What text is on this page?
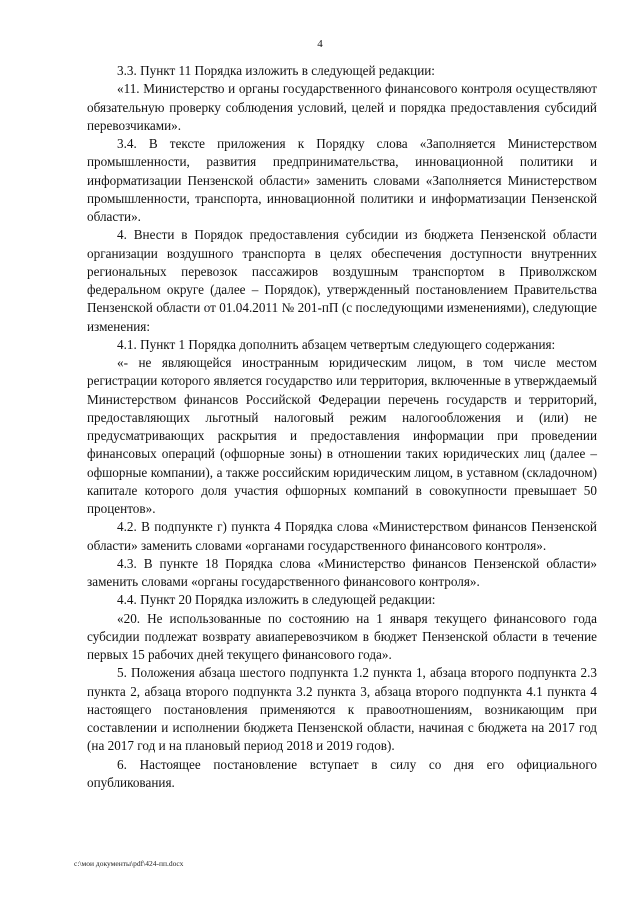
4

3.3. Пункт 11 Порядка изложить в следующей редакции:

«11. Министерство и органы государственного финансового контроля осуществляют обязательную проверку соблюдения условий, целей и порядка предоставления субсидий перевозчиками».

3.4. В тексте приложения к Порядку слова «Заполняется Министерством промышленности, развития предпринимательства, инновационной политики и информатизации Пензенской области» заменить словами «Заполняется Министерством промышленности, транспорта, инновационной политики и информатизации Пензенской области».

4. Внести в Порядок предоставления субсидии из бюджета Пензенской области организации воздушного транспорта в целях обеспечения доступности внутренних региональных перевозок пассажиров воздушным транспортом в Приволжском федеральном округе (далее – Порядок), утвержденный постановлением Правительства Пензенской области от 01.04.2011 № 201-пП (с последующими изменениями), следующие изменения:

4.1. Пункт 1 Порядка дополнить абзацем четвертым следующего содержания:

«- не являющейся иностранным юридическим лицом, в том числе местом регистрации которого является государство или территория, включенные в утверждаемый Министерством финансов Российской Федерации перечень государств и территорий, предоставляющих льготный налоговый режим налогообложения и (или) не предусматривающих раскрытия и предоставления информации при проведении финансовых операций (офшорные зоны) в отношении таких юридических лиц (далее – офшорные компании), а также российским юридическим лицом, в уставном (складочном) капитале которого доля участия офшорных компаний в совокупности превышает 50 процентов».

4.2. В подпункте г) пункта 4 Порядка слова «Министерством финансов Пензенской области» заменить словами «органами государственного финансового контроля».

4.3. В пункте 18 Порядка слова «Министерство финансов Пензенской области» заменить словами «органы государственного финансового контроля».

4.4. Пункт 20 Порядка изложить в следующей редакции:

«20. Не использованные по состоянию на 1 января текущего финансового года субсидии подлежат возврату авиаперевозчиком в бюджет Пензенской области в течение первых 15 рабочих дней текущего финансового года».

5. Положения абзаца шестого подпункта 1.2 пункта 1, абзаца второго подпункта 2.3 пункта 2, абзаца второго подпункта 3.2 пункта 3, абзаца второго подпункта 4.1 пункта 4 настоящего постановления применяются к правоотношениям, возникающим при составлении и исполнении бюджета Пензенской области, начиная с бюджета на 2017 год (на 2017 год и на плановый период 2018 и 2019 годов).

6. Настоящее постановление вступает в силу со дня его официального опубликования.

c:\мои документы\pdf\424-пп.docx
